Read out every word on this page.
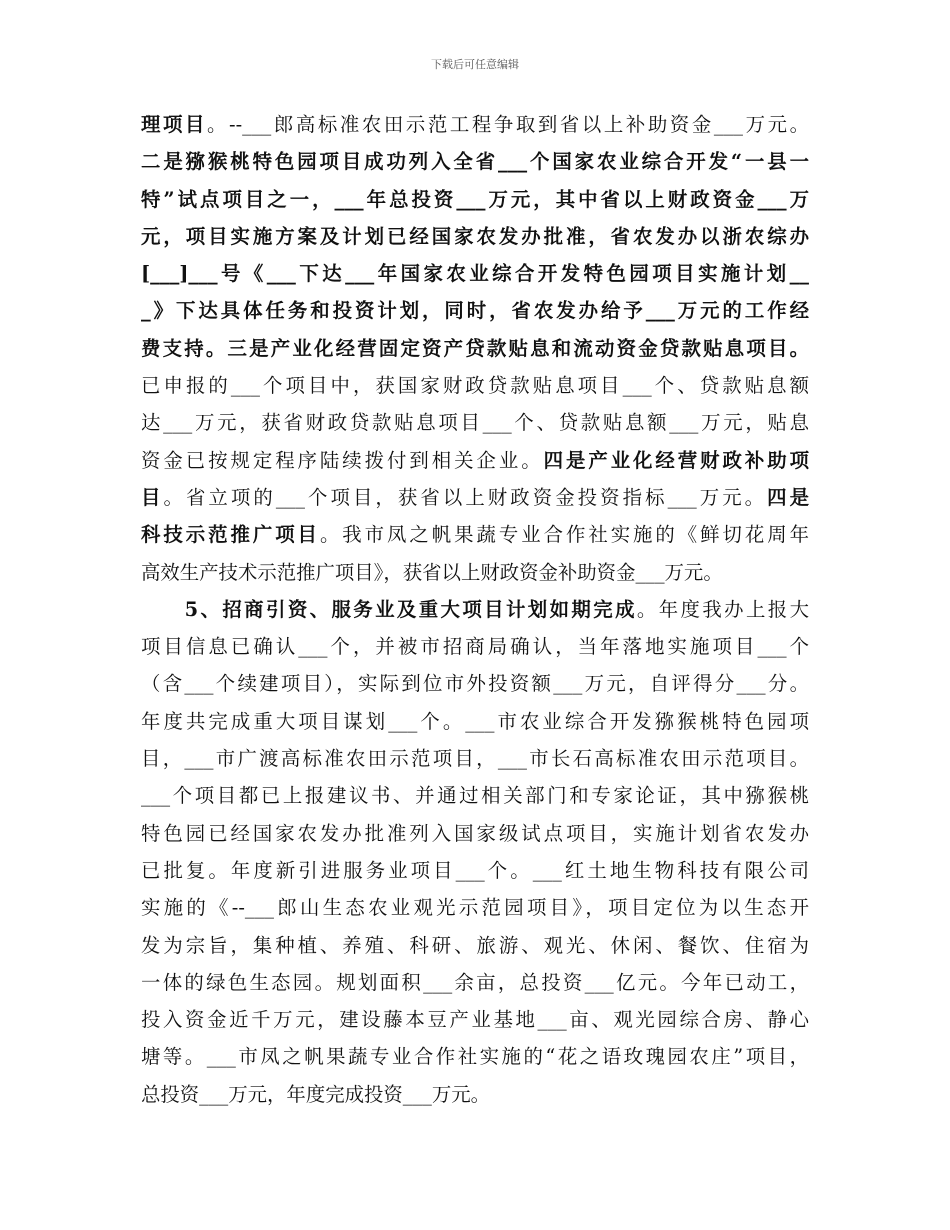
下载后可任意编辑
理项目。--___郎高标准农田示范工程争取到省以上补助资金___万元。
二是猕猴桃特色园项目成功列入全省___个国家农业综合开发“一县一
特”试点项目之一，___年总投资___万元，其中省以上财政资金___万
元，项目实施方案及计划已经国家农发办批准，省农发办以浙农综办
[___]___号《___下达___年国家农业综合开发特色园项目实施计划__
_》下达具体任务和投资计划，同时，省农发办给予___万元的工作经
费支持。三是产业化经营固定资产贷款贴息和流动资金贷款贴息项目。
已申报的___个项目中，获国家财政贷款贴息项目___个、贷款贴息额
达___万元，获省财政贷款贴息项目___个、贷款贴息额___万元，贴息
资金已按规定程序陆续拨付到相关企业。四是产业化经营财政补助项
目。省立项的___个项目，获省以上财政资金投资指标___万元。四是
科技示范推广项目。我市凤之帆果蔬专业合作社实施的《鲜切花周年
高效生产技术示范推广项目》，获省以上财政资金补助资金___万元。
　　5、招商引资、服务业及重大项目计划如期完成。年度我办上报大
项目信息已确认___个，并被市招商局确认，当年落地实施项目___个
（含___个续建项目），实际到位市外投资额___万元，自评得分___分。
年度共完成重大项目谋划___个。___市农业综合开发猕猴桃特色园项
目，___市广渡高标准农田示范项目，___市长石高标准农田示范项目。
___个项目都已上报建议书、并通过相关部门和专家论证，其中猕猴桃
特色园已经国家农发办批准列入国家级试点项目，实施计划省农发办
已批复。年度新引进服务业项目___个。___红土地生物科技有限公司
实施的《--___郎山生态农业观光示范园项目》，项目定位为以生态开
发为宗旨，集种植、养殖、科研、旅游、观光、休闲、餐饮、住宿为
一体的绿色生态园。规划面积___余亩，总投资___亿元。今年已动工，
投入资金近千万元，建设藤本豆产业基地___亩、观光园综合房、静心
塘等。___市凤之帆果蔬专业合作社实施的“花之语玫瑰园农庄”项目，
总投资___万元，年度完成投资___万元。
